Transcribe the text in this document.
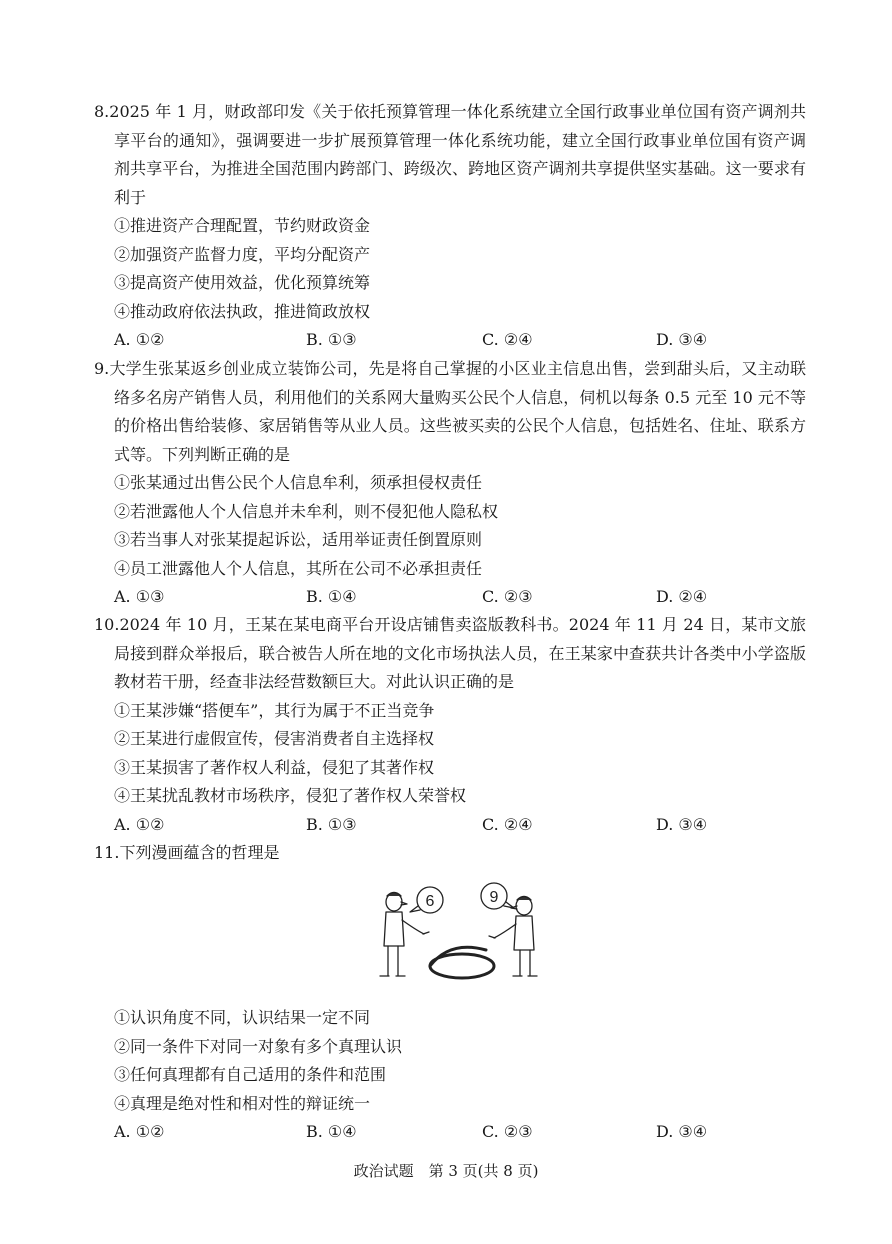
8.2025 年 1 月，财政部印发《关于依托预算管理一体化系统建立全国行政事业单位国有资产调剂共享平台的通知》，强调要进一步扩展预算管理一体化系统功能，建立全国行政事业单位国有资产调剂共享平台，为推进全国范围内跨部门、跨级次、跨地区资产调剂共享提供坚实基础。这一要求有利于

①推进资产合理配置，节约财政资金

②加强资产监督力度，平均分配资产

③提高资产使用效益，优化预算统筹

④推动政府依法执政，推进简政放权

A. ①②	B. ①③	C. ②④	D. ③④

9.大学生张某返乡创业成立装饰公司，先是将自己掌握的小区业主信息出售，尝到甜头后，又主动联络多名房产销售人员，利用他们的关系网大量购买公民个人信息，伺机以每条 0.5 元至 10 元不等的价格出售给装修、家居销售等从业人员。这些被买卖的公民个人信息，包括姓名、住址、联系方式等。下列判断正确的是

①张某通过出售公民个人信息牟利，须承担侵权责任

②若泄露他人个人信息并未牟利，则不侵犯他人隐私权

③若当事人对张某提起诉讼，适用举证责任倒置原则

④员工泄露他人个人信息，其所在公司不必承担责任

A. ①③	B. ①④	C. ②③	D. ②④

10.2024 年 10 月，王某在某电商平台开设店铺售卖盗版教科书。2024 年 11 月 24 日，某市文旅局接到群众举报后，联合被告人所在地的文化市场执法人员，在王某家中查获共计各类中小学盗版教材若干册，经查非法经营数额巨大。对此认识正确的是

①王某涉嫌“搭便车”，其行为属于不正当竞争

②王某进行虚假宣传，侵害消费者自主选择权

③王某损害了著作权人利益，侵犯了其著作权

④王某扰乱教材市场秩序，侵犯了著作权人荣誉权

A. ①②	B. ①③	C. ②④	D. ③④

11.下列漫画蕴含的哲理是

6	9

①认识角度不同，认识结果一定不同

②同一条件下对同一对象有多个真理认识

③任何真理都有自己适用的条件和范围

④真理是绝对性和相对性的辩证统一

A. ①②	B. ①④	C. ②③	D. ③④
政治试题　第 3 页(共 8 页)
